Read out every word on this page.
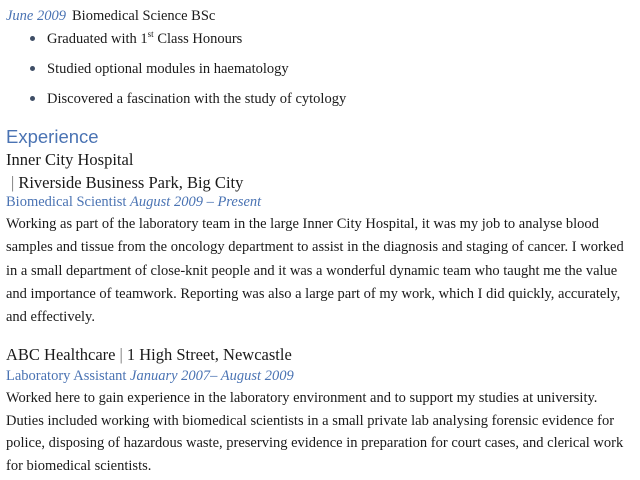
June 2009 Biomedical Science BSc
Graduated with 1st Class Honours
Studied optional modules in haematology
Discovered a fascination with the study of cytology
Experience
Inner City Hospital
| Riverside Business Park, Big City
Biomedical Scientist August 2009 – Present
Working as part of the laboratory team in the large Inner City Hospital, it was my job to analyse blood samples and tissue from the oncology department to assist in the diagnosis and staging of cancer. I worked in a small department of close-knit people and it was a wonderful dynamic team who taught me the value and importance of teamwork. Reporting was also a large part of my work, which I did quickly, accurately, and effectively.
ABC Healthcare | 1 High Street, Newcastle
Laboratory Assistant January 2007– August 2009
Worked here to gain experience in the laboratory environment and to support my studies at university. Duties included working with biomedical scientists in a small private lab analysing forensic evidence for police, disposing of hazardous waste, preserving evidence in preparation for court cases, and clerical work for biomedical scientists.
